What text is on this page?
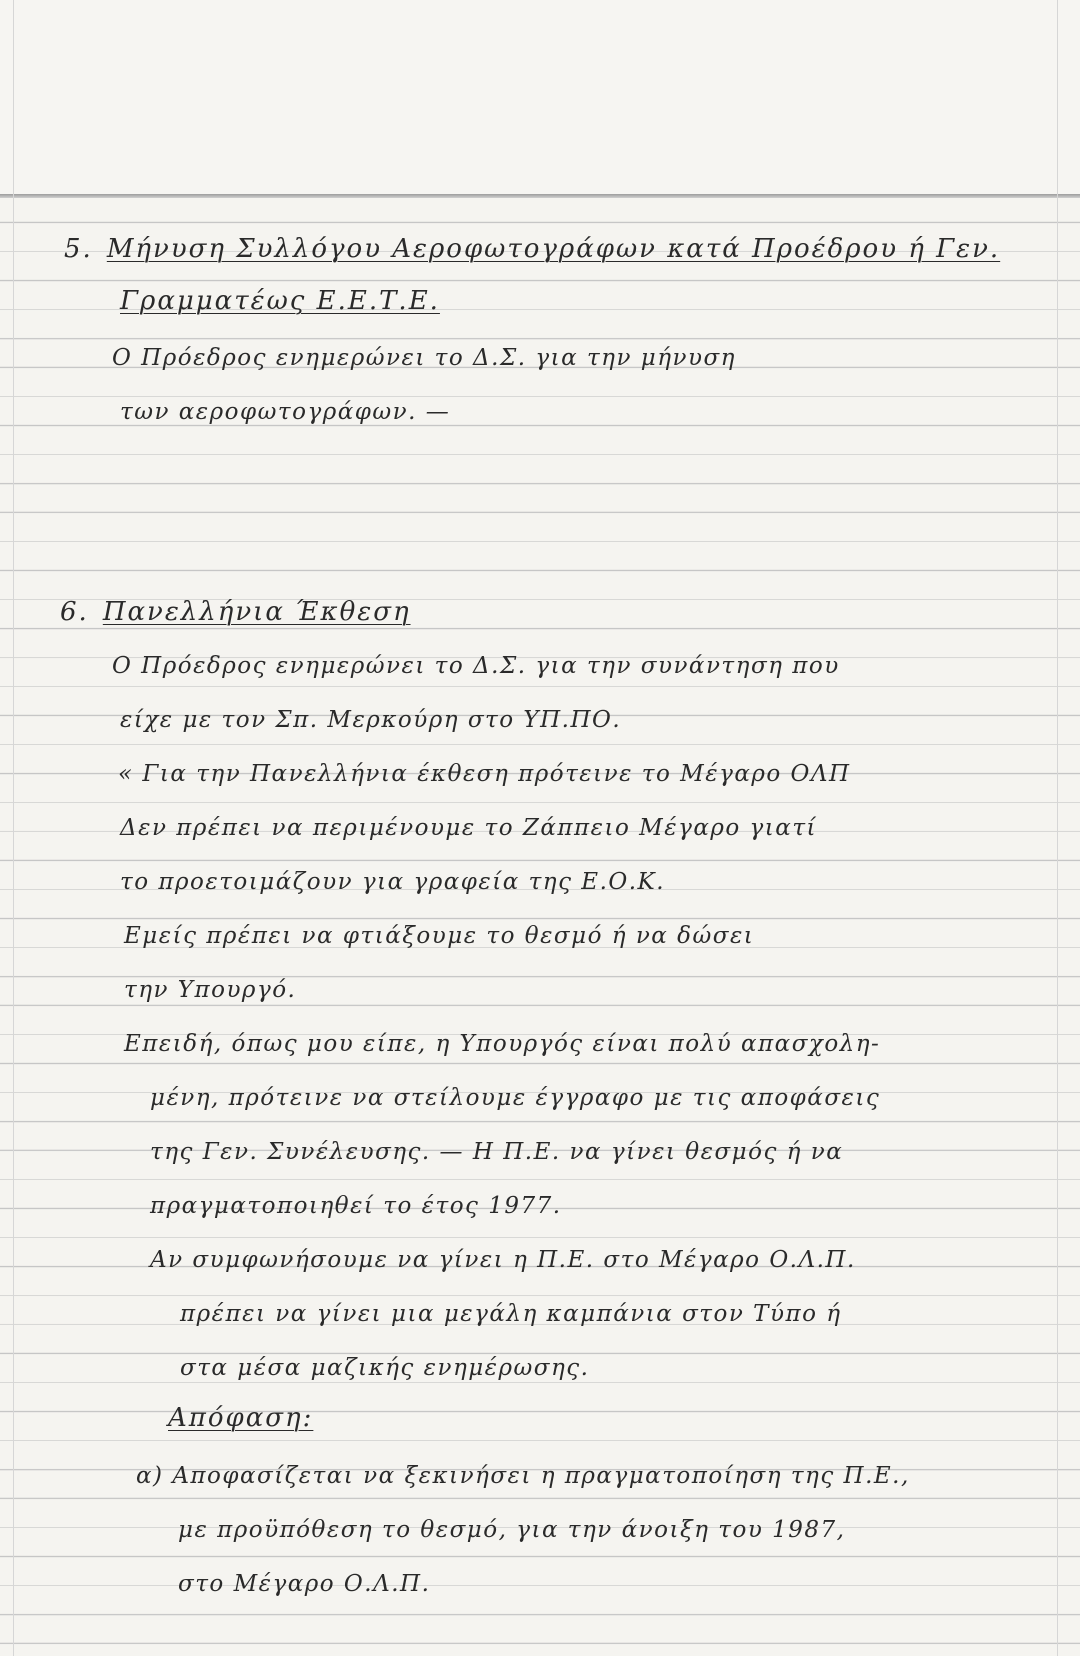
5. Μήνυση Συλλόγου Αεροφωτογράφων κατά Προέδρου ή Γεν.
Γραμματέως Ε.Ε.Τ.Ε.
Ο Πρόεδρος ενημερώνει το Δ.Σ. για την μήνυση
των αεροφωτογράφων. —
6. Πανελλήνια Έκθεση
Ο Πρόεδρος ενημερώνει το Δ.Σ. για την συνάντηση που
είχε με τον Σπ. Μερκούρη στο ΥΠ.ΠΟ.
« Για την Πανελλήνια έκθεση πρότεινε το Μέγαρο ΟΛΠ
Δεν πρέπει να περιμένουμε το Ζάππειο Μέγαρο γιατί
το προετοιμάζουν για γραφεία της Ε.Ο.Κ.
Εμείς πρέπει να φτιάξουμε το θεσμό ή να δώσει
την Υπουργό.
Επειδή, όπως μου είπε, η Υπουργός είναι πολύ απασχολη-
μένη, πρότεινε να στείλουμε έγγραφο με τις αποφάσεις
της Γεν. Συνέλευσης. — Η Π.Ε. να γίνει θεσμός ή να
πραγματοποιηθεί το έτος 1977.
Αν συμφωνήσουμε να γίνει η Π.Ε. στο Μέγαρο Ο.Λ.Π.
πρέπει να γίνει μια μεγάλη καμπάνια στον Τύπο ή
στα μέσα μαζικής ενημέρωσης.
Απόφαση:
α) Αποφασίζεται να ξεκινήσει η πραγματοποίηση της Π.Ε.,
με προϋπόθεση το θεσμό, για την άνοιξη του 1987,
στο Μέγαρο Ο.Λ.Π.
